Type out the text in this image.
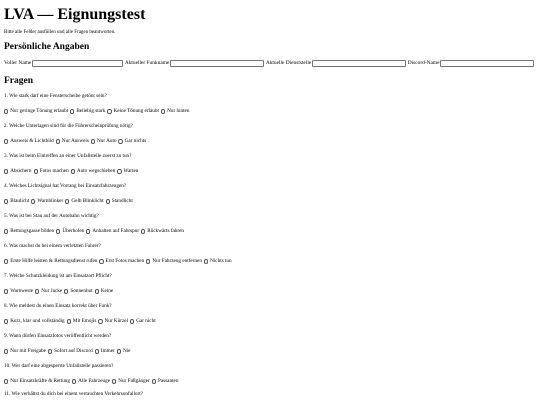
LVA — Eignungstest
Bitte alle Felder ausfüllen und alle Fragen beantworten.
Persönliche Angaben
Voller Name	Aktueller Funkname	Aktuelle Dienststelle	Discord-Name
Fragen
1. Wie stark darf eine Fensterscheibe getönt sein?
Nur geringe Tönung erlaubt Beliebig stark Keine Tönung erlaubt Nur hinten
2. Welche Unterlagen sind für die Führerscheinprüfung nötig?
Ausweis & Lichtbild Nur Ausweis Nur Auto Gar nichts
3. Was ist beim Eintreffen an einer Unfallstelle zuerst zu tun?
Absichern Fotos machen Auto wegschieben Warten
4. Welches Lichtsignal hat Vorrang bei Einsatzfahrzeugen?
Blaulicht Warnblinker Gelb Blinklicht Standlicht
5. Was ist bei Stau auf der Autobahn wichtig?
Rettungsgasse bilden Überholen Anhalten auf Fahrspur Rückwärts fahren
6. Was machst du bei einem verletzten Fahrer?
Erste Hilfe leisten & Rettungsdienst rufen Erst Fotos machen Nur Fahrzeug entfernen Nichts tun
7. Welche Schutzkleidung ist am Einsatzort Pflicht?
Warnweste Nur Jacke Sonnenhut Keine
8. Wie meldest du einen Einsatz korrekt über Funk?
Kurz, klar und vollständig Mit Emojis Nur Kürzel Gar nicht
9. Wann dürfen Einsatzfotos veröffentlicht werden?
Nur mit Freigabe Sofort auf Discord Immer Nie
10. Wer darf eine abgesperrte Unfallstelle passieren?
Nur Einsatzkräfte & Rettung Alle Fahrzeuge Nur Fußgänger Passanten
11. Wie verhältst du dich bei einem verrauchten Verkehrsunfallort?
